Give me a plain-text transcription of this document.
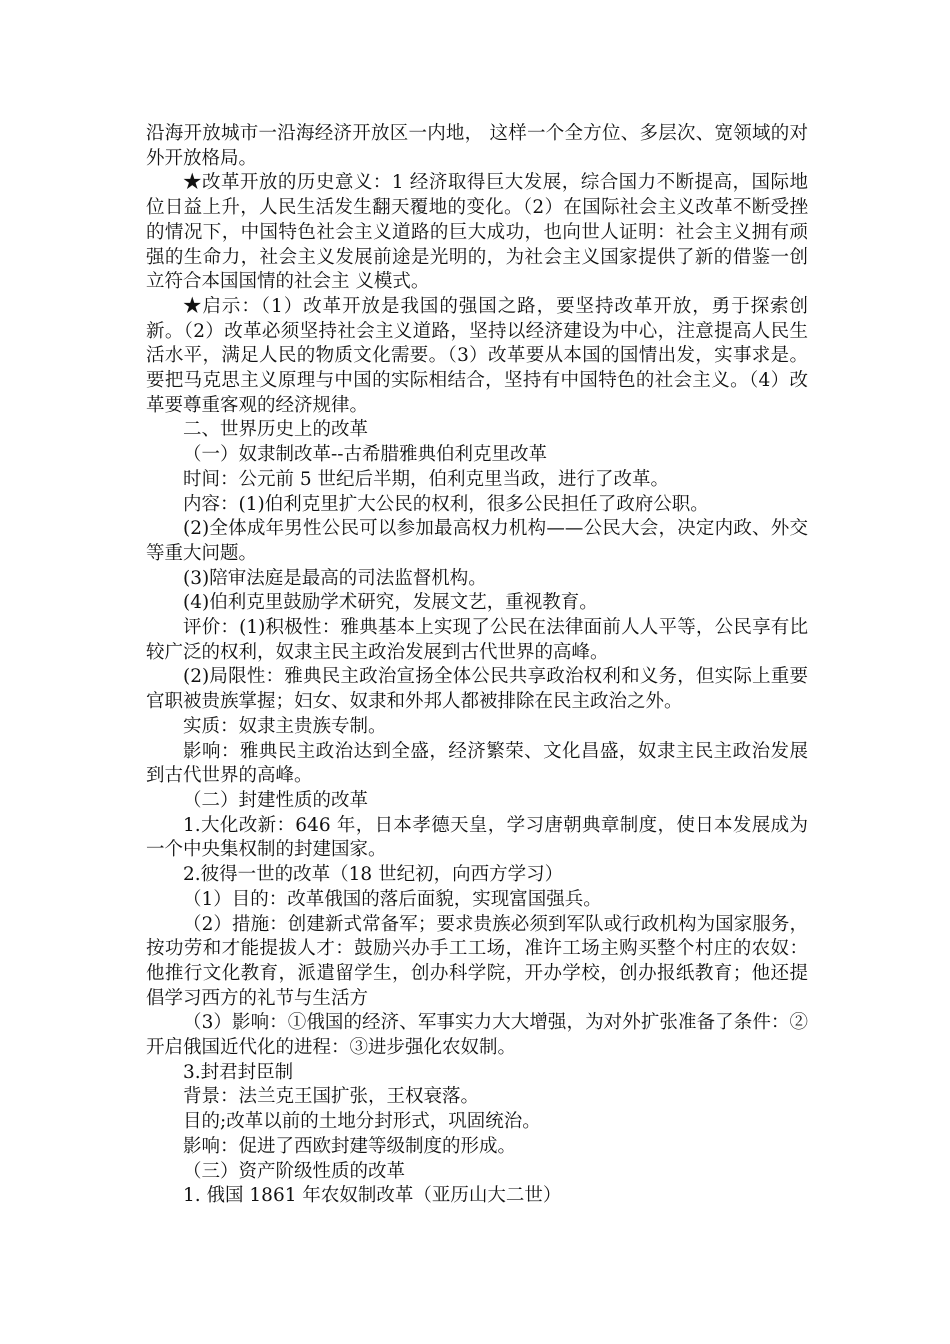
沿海开放城市一沿海经济开放区一内地， 这样一个全方位、多层次、宽领域的对外开放格局。

★改革开放的历史意义：1 经济取得巨大发展，综合国力不断提高，国际地位日益上升，人民生活发生翻天覆地的变化。（2）在国际社会主义改革不断受挫的情况下，中国特色社会主义道路的巨大成功，也向世人证明：社会主义拥有顽强的生命力，社会主义发展前途是光明的，为社会主义国家提供了新的借鉴一创立符合本国国情的社会主 义模式。

★启示：（1）改革开放是我国的强国之路，要坚持改革开放，勇于探索创新。（2）改革必须坚持社会主义道路，坚持以经济建设为中心，注意提高人民生活水平，满足人民的物质文化需要。（3）改革要从本国的国情出发，实事求是。要把马克思主义原理与中国的实际相结合，坚持有中国特色的社会主义。（4）改革要尊重客观的经济规律。

二、世界历史上的改革

（一）奴隶制改革--古希腊雅典伯利克里改革

时间：公元前 5 世纪后半期，伯利克里当政，进行了改革。

内容：(1)伯利克里扩大公民的权利，很多公民担任了政府公职。

(2)全体成年男性公民可以参加最高权力机构——公民大会，决定内政、外交等重大问题。

(3)陪审法庭是最高的司法监督机构。

(4)伯利克里鼓励学术研究，发展文艺，重视教育。

评价：(1)积极性：雅典基本上实现了公民在法律面前人人平等，公民享有比较广泛的权利，奴隶主民主政治发展到古代世界的高峰。

(2)局限性：雅典民主政治宣扬全体公民共享政治权利和义务，但实际上重要官职被贵族掌握；妇女、奴隶和外邦人都被排除在民主政治之外。

实质：奴隶主贵族专制。

影响：雅典民主政治达到全盛，经济繁荣、文化昌盛，奴隶主民主政治发展到古代世界的高峰。

（二）封建性质的改革

1.大化改新：646 年，日本孝德天皇，学习唐朝典章制度，使日本发展成为一个中央集权制的封建国家。

2.彼得一世的改革（18 世纪初，向西方学习）

（1）目的：改革俄国的落后面貌，实现富国强兵。

（2）措施：创建新式常备军；要求贵族必须到军队或行政机构为国家服务，按功劳和才能提拔人才：鼓励兴办手工工场，准许工场主购买整个村庄的农奴：他推行文化教育，派遣留学生，创办科学院，开办学校，创办报纸教育；他还提倡学习西方的礼节与生活方

（3）影响：①俄国的经济、军事实力大大增强，为对外扩张准备了条件：②开启俄国近代化的进程：③进步强化农奴制。

3.封君封臣制

背景：法兰克王国扩张，王权衰落。

目的;改革以前的土地分封形式，巩固统治。

影响：促进了西欧封建等级制度的形成。

（三）资产阶级性质的改革

1. 俄国 1861 年农奴制改革（亚历山大二世）
